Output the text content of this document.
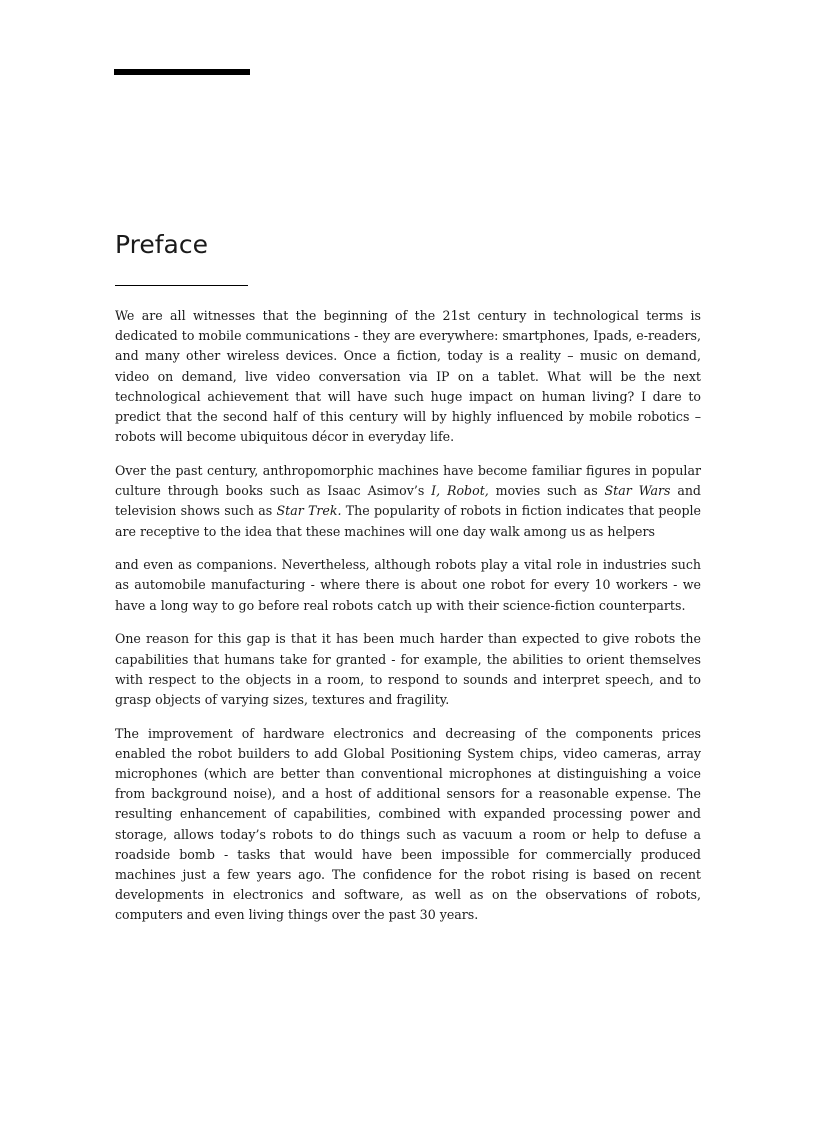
Preface

We are all witnesses that the beginning of the 21st century in technological terms is dedicated to mobile communications - they are everywhere: smartphones, Ipads, e-readers, and many other wireless devices. Once a fiction, today is a reality – music on demand, video on demand, live video conversation via IP on a tablet. What will be the next technological achievement that will have such huge impact on human living? I dare to predict that the second half of this century will by highly influenced by mobile robotics – robots will become ubiquitous décor in everyday life.

Over the past century, anthropomorphic machines have become familiar figures in popular culture through books such as Isaac Asimov’s I, Robot, movies such as Star Wars and television shows such as Star Trek. The popularity of robots in fiction indicates that people are receptive to the idea that these machines will one day walk among us as helpers

and even as companions. Nevertheless, although robots play a vital role in industries such as automobile manufacturing - where there is about one robot for every 10 workers - we have a long way to go before real robots catch up with their science-fiction counterparts.

One reason for this gap is that it has been much harder than expected to give robots the capabilities that humans take for granted - for example, the abilities to orient themselves with respect to the objects in a room, to respond to sounds and interpret speech, and to grasp objects of varying sizes, textures and fragility.

The improvement of hardware electronics and decreasing of the components prices enabled the robot builders to add Global Positioning System chips, video cameras, array microphones (which are better than conventional microphones at distinguishing a voice from background noise), and a host of additional sensors for a reasonable expense. The resulting enhancement of capabilities, combined with expanded processing power and storage, allows today’s robots to do things such as vacuum a room or help to defuse a roadside bomb - tasks that would have been impossible for commercially produced machines just a few years ago. The confidence for the robot rising is based on recent developments in electronics and software, as well as on the observations of robots, computers and even living things over the past 30 years.
